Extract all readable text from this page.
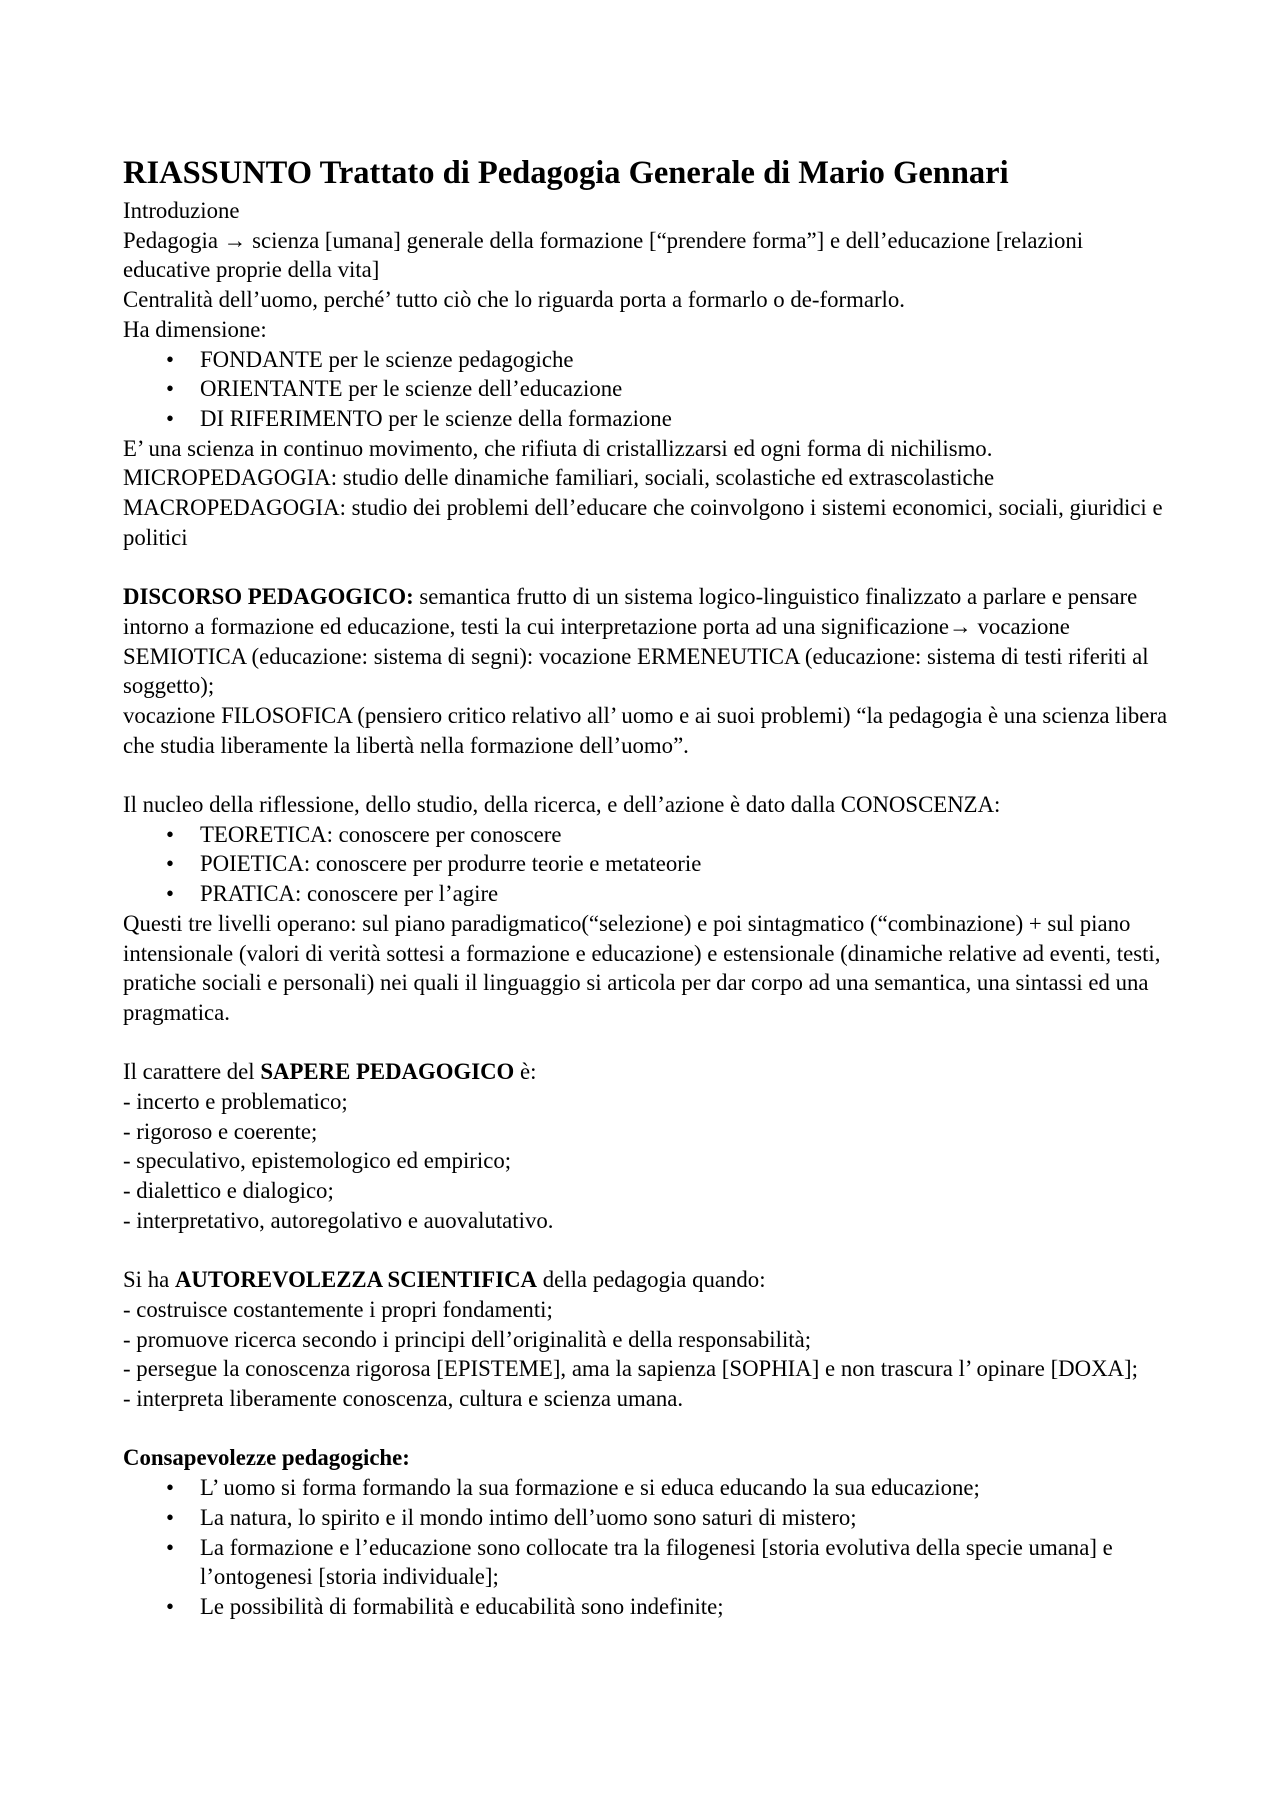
RIASSUNTO Trattato di Pedagogia Generale di Mario Gennari

Introduzione

Pedagogia → scienza [umana] generale della formazione [“prendere forma”] e dell’educazione [relazioni educative proprie della vita]

Centralità dell’uomo, perché’ tutto ciò che lo riguarda porta a formarlo o de-formarlo.

Ha dimensione:

• FONDANTE per le scienze pedagogiche
• ORIENTANTE per le scienze dell’educazione
• DI RIFERIMENTO per le scienze della formazione

E’ una scienza in continuo movimento, che rifiuta di cristallizzarsi ed ogni forma di nichilismo.

MICROPEDAGOGIA: studio delle dinamiche familiari, sociali, scolastiche ed extrascolastiche

MACROPEDAGOGIA: studio dei problemi dell’educare che coinvolgono i sistemi economici, sociali, giuridici e politici

DISCORSO PEDAGOGICO: semantica frutto di un sistema logico-linguistico finalizzato a parlare e pensare intorno a formazione ed educazione, testi la cui interpretazione porta ad una significazione→ vocazione SEMIOTICA (educazione: sistema di segni): vocazione ERMENEUTICA (educazione: sistema di testi riferiti al soggetto);

vocazione FILOSOFICA (pensiero critico relativo all’ uomo e ai suoi problemi) “la pedagogia è una scienza libera che studia liberamente la libertà nella formazione dell’uomo”.

Il nucleo della riflessione, dello studio, della ricerca, e dell’azione è dato dalla CONOSCENZA:

• TEORETICA: conoscere per conoscere
• POIETICA: conoscere per produrre teorie e metateorie
• PRATICA: conoscere per l’agire

Questi tre livelli operano: sul piano paradigmatico(“selezione) e poi sintagmatico (“combinazione) + sul piano intensionale (valori di verità sottesi a formazione e educazione) e estensionale (dinamiche relative ad eventi, testi, pratiche sociali e personali) nei quali il linguaggio si articola per dar corpo ad una semantica, una sintassi ed una pragmatica.

Il carattere del SAPERE PEDAGOGICO è:

- incerto e problematico;

- rigoroso e coerente;

- speculativo, epistemologico ed empirico;

- dialettico e dialogico;

- interpretativo, autoregolativo e auovalutativo.

Si ha AUTOREVOLEZZA SCIENTIFICA della pedagogia quando:

- costruisce costantemente i propri fondamenti;

- promuove ricerca secondo i principi dell’originalità e della responsabilità;

- persegue la conoscenza rigorosa [EPISTEME], ama la sapienza [SOPHIA] e non trascura l’ opinare [DOXA];

- interpreta liberamente conoscenza, cultura e scienza umana.

Consapevolezze pedagogiche:

• L’ uomo si forma formando la sua formazione e si educa educando la sua educazione;
• La natura, lo spirito e il mondo intimo dell’uomo sono saturi di mistero;
• La formazione e l’educazione sono collocate tra la filogenesi [storia evolutiva della specie umana] e l’ontogenesi [storia individuale];
• Le possibilità di formabilità e educabilità sono indefinite;
